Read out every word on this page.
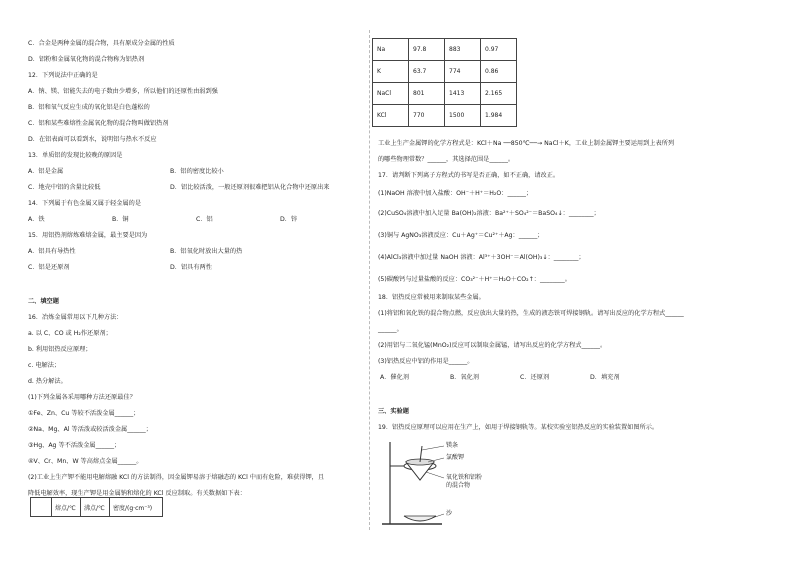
C．合金是两种金属的混合物，具有原成分金属的性质
D．铝粉和金属氧化物的混合物称为铝热剂
12．下列说法中正确的是
A．钠、镁、铝能失去的电子数由少增多，所以他们的还原性由弱到强
B．铝和氧气反应生成的氧化铝是白色蓬松的
C．铝和某些难熔性金属氧化物的混合物叫做铝热剂
D．在铝表面可以看到水，说明铝与热水不反应
13．单质铝的发现比较晚的原因是
A．铝是金属	B．铝的密度比较小
C．地壳中铝的含量比较低	D．铝比较活泼，一般还原剂很难把铝从化合物中还原出来
14．下列属于有色金属又属于轻金属的是
A．铁	B．铜	C．铝	D．锌
15．用铝热剂熔炼难熔金属，最主要是因为
A．铝具有导热性	B．铝氧化时放出大量的热
C．铝是还原剂	D．铝具有两性
二、填空题
16．冶炼金属常用以下几种方法：
a. 以 C、CO 或 H₂作还原剂；
b. 利用铝热反应原理；
c. 电解法；
d. 热分解法。
(1)下列金属各采用哪种方法还原最佳？
①Fe、Zn、Cu 等较不活泼金属______；
②Na、Mg、Al 等活泼或较活泼金属______；
③Hg、Ag 等不活泼金属______；
④V、Cr、Mn、W 等高熔点金属______。
(2)工业上生产钾不能用电解熔融 KCl 的方法制得，因金属钾易溶于熔融态的 KCl 中而有危险，难获得钾，且
降低电解效率，现生产钾是用金属钠和熔化的 KCl 反应制取。有关数据如下表：
	熔点/℃	沸点/℃	密度/(g·cm⁻³)
Na	97.8	883	0.97
K	63.7	774	0.86
NaCl	801	1413	2.165
KCl	770	1500	1.984
工业上生产金属钾的化学方程式是：KCl＋Na ──850℃──→ NaCl＋K，工业上制金属钾主要运用到上表所列
的哪些物理常数？______，其选择范围是______。
17．请判断下列离子方程式的书写是否正确，如不正确，请改正。
(1)NaOH 溶液中加入盐酸：OH⁻＋H⁺＝H₂O：______；
(2)CuSO₄溶液中加入足量 Ba(OH)₂溶液：Ba²⁺＋SO₄²⁻＝BaSO₄↓：________；
(3)铜与 AgNO₃溶液反应：Cu＋Ag⁺＝Cu²⁺＋Ag：______；
(4)AlCl₃溶液中加过量 NaOH 溶液：Al³⁺＋3OH⁻＝Al(OH)₃↓：________；
(5)碳酸钙与过量盐酸的反应：CO₃²⁻＋H⁺＝H₂O＋CO₂↑：________。
18．铝热反应常被用来制取某些金属。
(1)将铝和氧化铁的混合物点燃，反应放出大量的热，生成的液态铁可焊接钢轨。请写出反应的化学方程式______
______。
(2)用铝与二氧化锰(MnO₂)反应可以制取金属锰，请写出反应的化学方程式______。
(3)铝热反应中铝的作用是______。
A．催化剂	B．氧化剂	C．还原剂	D．填充剂
三、实验题
19．铝热反应原理可以应用在生产上，如用于焊接钢轨等。某校实验室铝热反应的实验装置如图所示。
镁条
氯酸钾
氧化铁和铝粉
的混合物
沙
